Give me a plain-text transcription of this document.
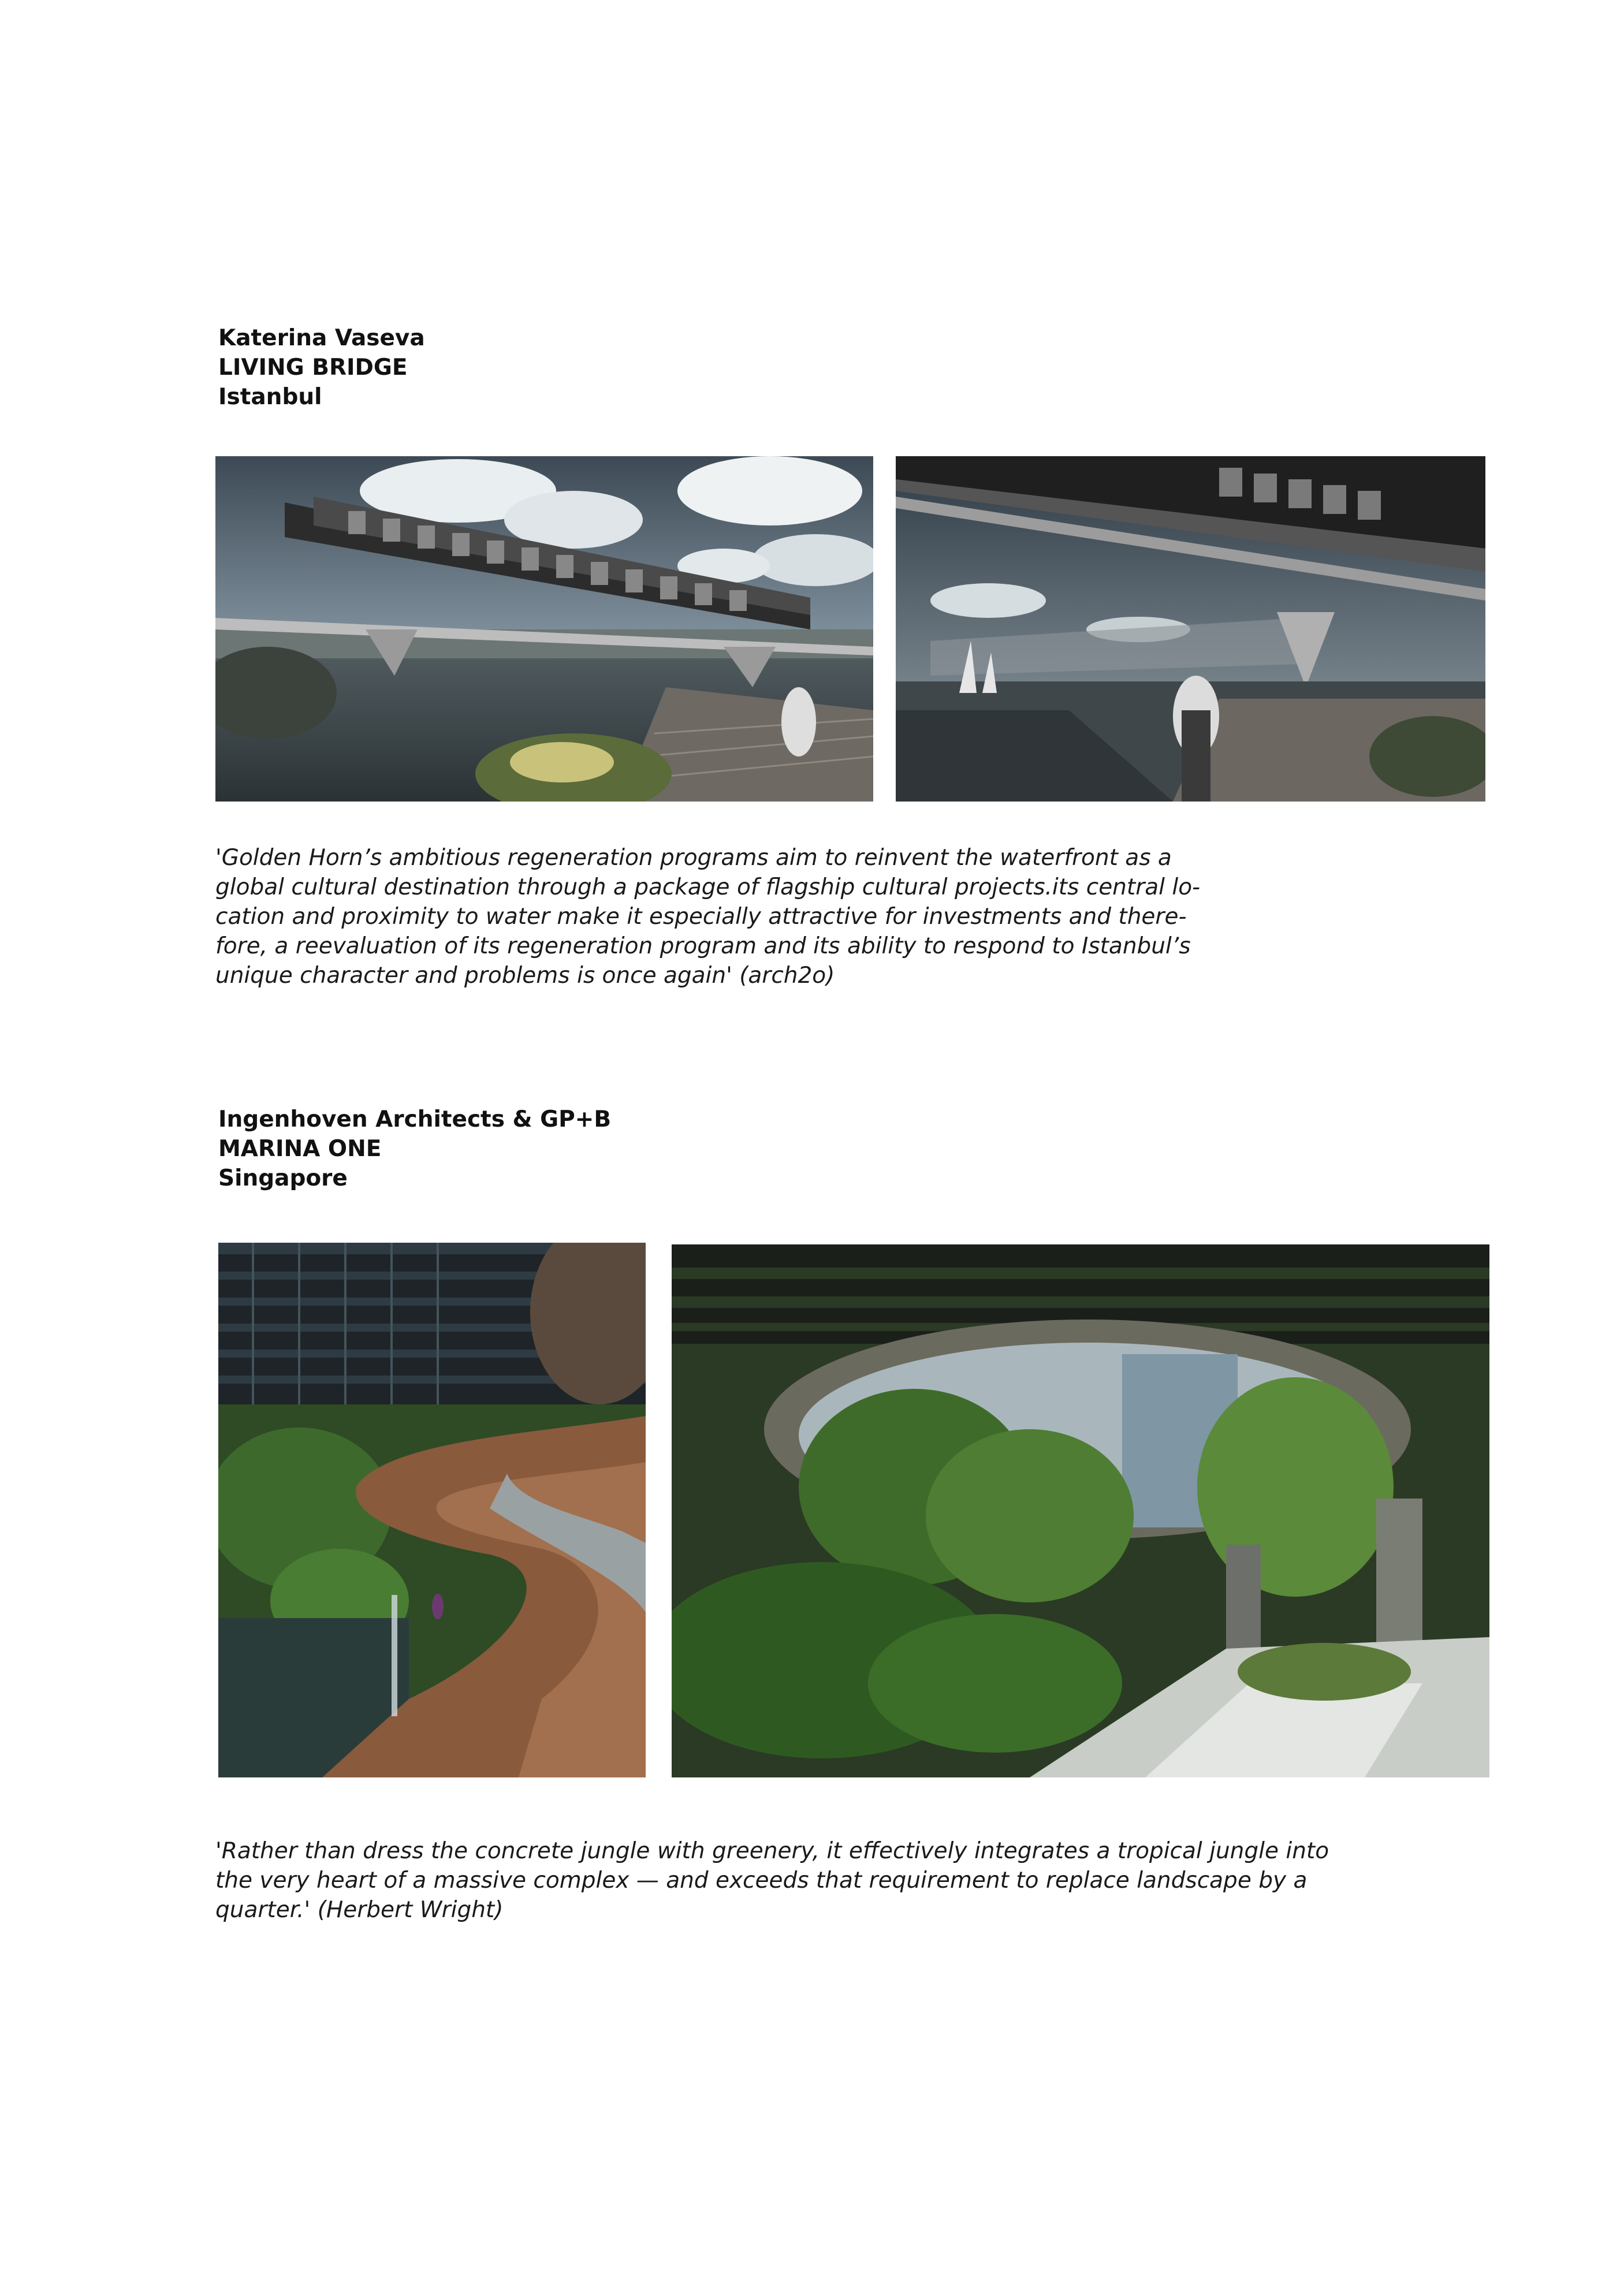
Katerina Vaseva
LIVING BRIDGE
Istanbul
'Golden Horn’s ambitious regeneration programs aim to reinvent the waterfront as a
global cultural destination through a package of flagship cultural projects.its central lo-
cation and proximity to water make it especially attractive for investments and there-
fore, a reevaluation of its regeneration program and its ability to respond to Istanbul’s
unique character and problems is once again' (arch2o)
Ingenhoven Architects & GP+B
MARINA ONE
Singapore
'Rather than dress the concrete jungle with greenery, it effectively integrates a tropical jungle into
the very heart of a massive complex — and exceeds that requirement to replace landscape by a
quarter.' (Herbert Wright)
